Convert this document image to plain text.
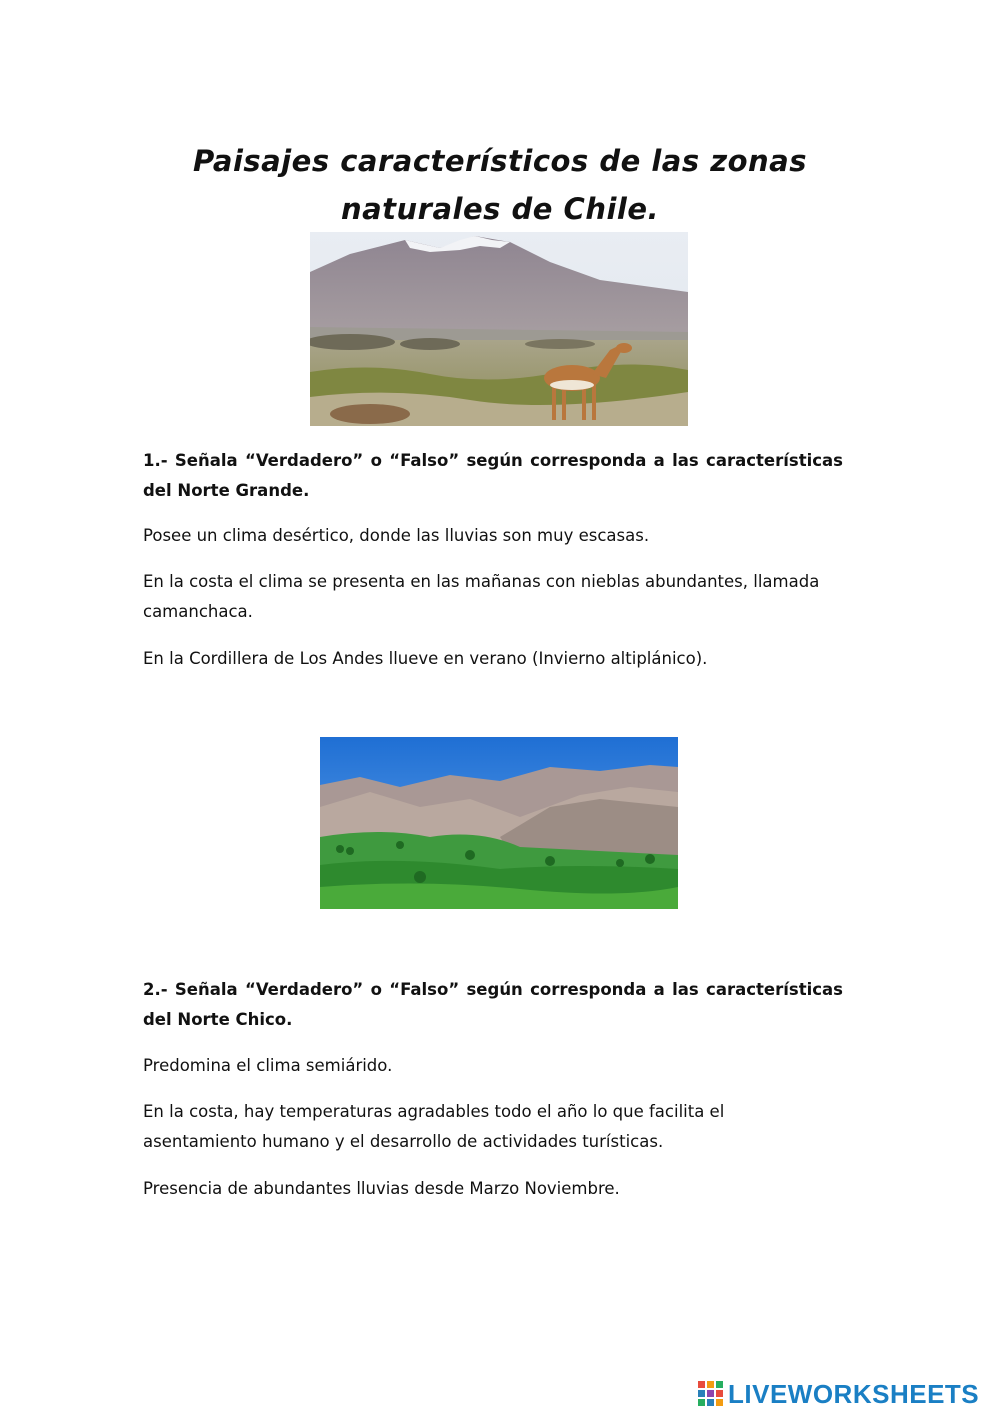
Paisajes característicos de las zonas naturales de Chile.
1.- Señala “Verdadero” o “Falso” según corresponda a las características del Norte Grande.
Posee un clima desértico, donde las lluvias son muy escasas.
En la costa el clima se presenta en las mañanas con nieblas abundantes, llamada camanchaca.
En la Cordillera de Los Andes llueve en verano (Invierno altiplánico).
2.- Señala “Verdadero” o “Falso” según corresponda a las características del Norte Chico.
Predomina el clima semiárido.
En la costa, hay temperaturas agradables todo el año lo que facilita el asentamiento humano y el desarrollo de actividades turísticas.
Presencia de abundantes lluvias desde Marzo Noviembre.
LIVEWORKSHEETS
